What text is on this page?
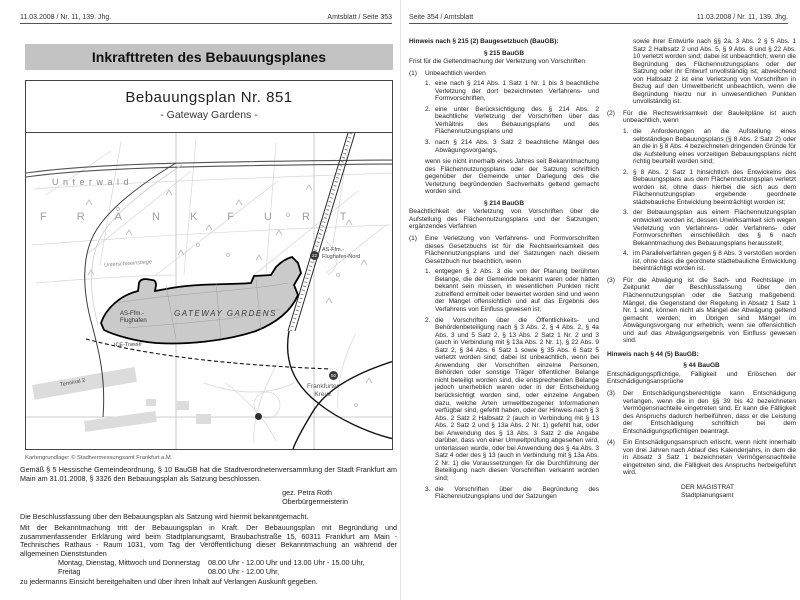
11.03.2008 / Nr. 11, 139. Jhg.	Amtsblatt / Seite 353
Inkrafttreten des Bebauungsplanes
Bebauungsplan Nr. 851
- Gateway Gardens -
Unterwald
FRANKFURT
Unterschweinstiege
AS-Ffm.-
Flughafen-Nord
AS-Ffm.-
Flughafen
GATEWAY GARDENS
ICE-Trasse
Terminal 2	Frankfurter
Kreuz
22
50
Kartengrundlage: © Stadtvermessungsamt Frankfurt a.M.
Gemäß § 5 Hessische Gemeindeordnung, § 10 BauGB hat die Stadtverordnetenversammlung der Stadt Frankfurt am Main am 31.01.2008, § 3326 den Bebauungsplan als Satzung beschlossen.
gez. Petra Roth
Oberbürgermeisterin
Die Beschlussfassung über den Bebauungsplan als Satzung wird hiermit bekanntgemacht.
Mit der Bekanntmachung tritt der Bebauungsplan in Kraft. Der Bebauungsplan mit Begründung und zusammenfassender Erklärung wird beim Stadtplanungsamt, Braubachstraße 15, 60311 Frankfurt am Main - Technisches Rathaus - Raum 1031, vom Tag der Veröffentlichung dieser Bekanntmachung an während der allgemeinen Dienststunden
Montag, Dienstag, Mittwoch und Donnerstag	08.00 Uhr - 12.00 Uhr und 13.00 Uhr - 15.00 Uhr,
Freitag	08.00 Uhr - 12.00 Uhr,
zu jedermanns Einsicht bereitgehalten und über ihren Inhalt auf Verlangen Auskunft gegeben.
Seite 354 / Amtsblatt	11.03.2008 / Nr. 11, 139. Jhg.
Hinweis nach § 215 (2) Baugesetzbuch (BauGB):
§ 215 BauGB
Frist für die Geltendmachung der Verletzung von Vorschriften
(1)	Unbeachtlich werden
1. eine nach § 214 Abs. 1 Satz 1 Nr. 1 bis 3 beachtliche Verletzung der dort bezeichneten Verfahrens- und Formvorschriften,
2. eine unter Berücksichtigung des § 214 Abs. 2 beachtliche Verletzung der Vorschriften über das Verhältnis des Bebauungsplans und des Flächennutzungsplans und
3. nach § 214 Abs. 3 Satz 2 beachtliche Mängel des Abwägungsvorgangs,
wenn sie nicht innerhalb eines Jahres seit Bekanntmachung des Flächennutzungsplans oder der Satzung schriftlich gegenüber der Gemeinde unter Darlegung des die Verletzung begründenden Sachverhalts geltend gemacht worden sind.
§ 214 BauGB
Beachtlichkeit der Verletzung von Vorschriften über die Aufstellung des Flächennutzungsplans und der Satzungen; ergänzendes Verfahren
(1)	Eine Verletzung von Verfahrens- und Formvorschriften dieses Gesetzbuchs ist für die Rechtswirksamkeit des Flächennutzungsplans und der Satzungen nach diesem Gesetzbuch nur beachtlich, wenn
1. entgegen § 2 Abs. 3 die von der Planung berührten Belange, die der Gemeinde bekannt waren oder hätten bekannt sein müssen, in wesentlichen Punkten nicht zutreffend ermittelt oder bewertet worden sind und wenn der Mangel offensichtlich und auf das Ergebnis des Verfahrens von Einfluss gewesen ist;
2. die Vorschriften über die Öffentlichkeits- und Behördenbeteiligung nach § 3 Abs. 2, § 4 Abs. 2, § 4a Abs. 3 und 5 Satz 2, § 13 Abs. 2 Satz 1 Nr. 2 und 3 (auch in Verbindung mit § 13a Abs. 2 Nr. 1), § 22 Abs. 9 Satz 2, § 34 Abs. 6 Satz 1 sowie § 35 Abs. 6 Satz 5 verletzt worden sind; dabei ist unbeachtlich, wenn bei Anwendung der Vorschriften einzelne Personen, Behörden oder sonstige Träger öffentlicher Belange nicht beteiligt worden sind, die entsprechenden Belange jedoch unerheblich waren oder in der Entscheidung berücksichtigt worden sind, oder einzelne Angaben dazu, welche Arten umweltbezogener Informationen verfügbar sind, gefehlt haben, oder der Hinweis nach § 3 Abs. 2 Satz 2 Halbsatz 2 (auch in Verbindung mit § 13 Abs. 2 Satz 2 und § 13a Abs. 2 Nr. 1) gefehlt hat, oder bei Anwendung des § 13 Abs. 3 Satz 2 die Angabe darüber, dass von einer Umweltprüfung abgesehen wird, unterlassen wurde, oder bei Anwendung des § 4a Abs. 3 Satz 4 oder des § 13 (auch in Verbindung mit § 13a Abs. 2 Nr. 1) die Voraussetzungen für die Durchführung der Beteiligung nach diesen Vorschriften verkannt worden sind;
3. die Vorschriften über die Begründung des Flächennutzungsplans und der Satzungen
sowie ihrer Entwürfe nach §§ 2a, 3 Abs. 2 § 5 Abs. 1 Satz 2 Halbsatz 2 und Abs. 5, § 9 Abs. 8 und § 22 Abs. 10 verletzt worden sind; dabei ist unbeachtlich, wenn die Begründung des Flächennutzungsplans oder der Satzung oder ihr Entwurf unvollständig ist; abweichend von Halbsatz 2 ist eine Verletzung von Vorschriften in Bezug auf den Umweltbericht unbeachtlich, wenn die Begründung hierzu nur in unwesentlichen Punkten unvollständig ist.
(2)	Für die Rechtswirksamkeit der Bauleitpläne ist auch unbeachtlich, wenn
1. die Anforderungen an die Aufstellung eines selbständigen Bebauungsplans (§ 8 Abs. 2 Satz 2) oder an die in § 8 Abs. 4 bezeichneten dringenden Gründe für die Aufstellung eines vorzeitigen Bebauungsplans nicht richtig beurteilt worden sind;
2. § 8 Abs. 2 Satz 1 hinsichtlich des Entwickelns des Bebauungsplans aus dem Flächennutzungsplan verletzt worden ist, ohne dass hierbei die sich aus dem Flächennutzungsplan ergebende geordnete städtebauliche Entwicklung beeinträchtigt worden ist;
3. der Bebauungsplan aus einem Flächennutzungsplan entwickelt worden ist, dessen Unwirksamkeit sich wegen Verletzung von Verfahrens- oder Verfahrens- oder Formvorschriften einschließlich des § 6 nach Bekanntmachung des Bebauungsplans herausstellt;
4. im Parallelverfahren gegen § 8 Abs. 3 verstoßen worden ist, ohne dass die geordnete städtebauliche Entwicklung beeinträchtigt worden ist.
(3)	Für die Abwägung ist die Sach- und Rechtslage im Zeitpunkt der Beschlussfassung über den Flächennutzungsplan oder die Satzung maßgebend. Mängel, die Gegenstand der Regelung in Absatz 1 Satz 1 Nr. 1 sind, können nicht als Mängel der Abwägung geltend gemacht werden; im Übrigen sind Mängel im Abwägungsvorgang nur erheblich, wenn sie offensichtlich und auf das Abwägungsergebnis von Einfluss gewesen sind.
Hinweis nach § 44 (5) BauGB:
§ 44 BauGB
Entschädigungspflichtige, Fälligkeit und Erlöschen der Entschädigungsansprüche
(3)	Der Entschädigungsberechtigte kann Entschädigung verlangen, wenn die in den §§ 39 bis 42 bezeichneten Vermögensnachteile eingetreten sind. Er kann die Fälligkeit des Anspruchs dadurch herbeiführen, dass er die Leistung der Entschädigung schriftlich bei dem Entschädigungspflichtigen beantragt.
(4)	Ein Entschädigungsanspruch erlischt, wenn nicht innerhalb von drei Jahren nach Ablauf des Kalenderjahrs, in dem die in Absatz 3 Satz 1 bezeichneten Vermögensnachteile eingetreten sind, die Fälligkeit des Anspruchs herbeigeführt wird.
DER MAGISTRAT
Stadtplanungsamt
